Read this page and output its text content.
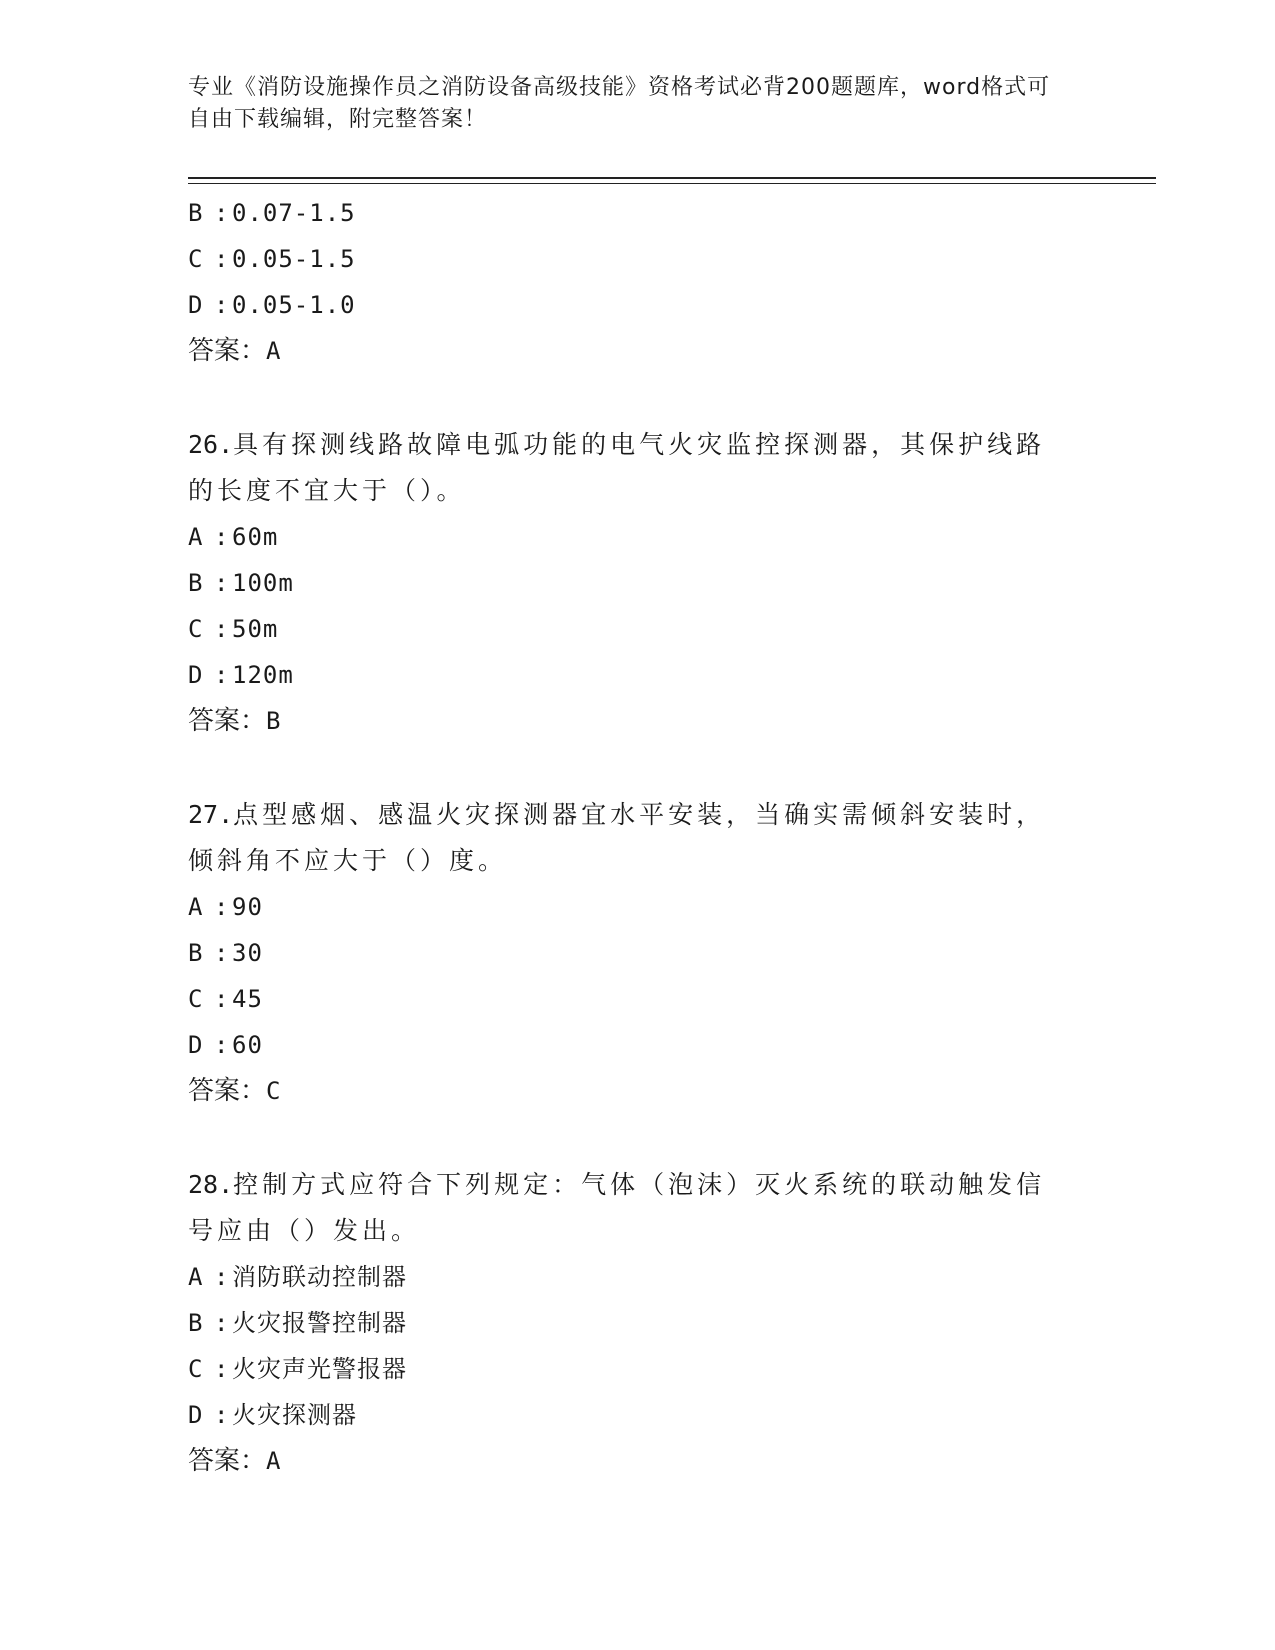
专业《消防设施操作员之消防设备高级技能》资格考试必背200题题库，word格式可自由下载编辑，附完整答案！
B : 0.07-1.5
C : 0.05-1.5
D : 0.05-1.0
答案：A
26.具有探测线路故障电弧功能的电气火灾监控探测器，其保护线路的长度不宜大于（）。
A : 60m
B : 100m
C : 50m
D : 120m
答案：B
27.点型感烟、感温火灾探测器宜水平安装，当确实需倾斜安装时，倾斜角不应大于（）度。
A : 90
B : 30
C : 45
D : 60
答案：C
28.控制方式应符合下列规定：气体（泡沫）灭火系统的联动触发信号应由（）发出。
A : 消防联动控制器
B : 火灾报警控制器
C : 火灾声光警报器
D : 火灾探测器
答案：A
